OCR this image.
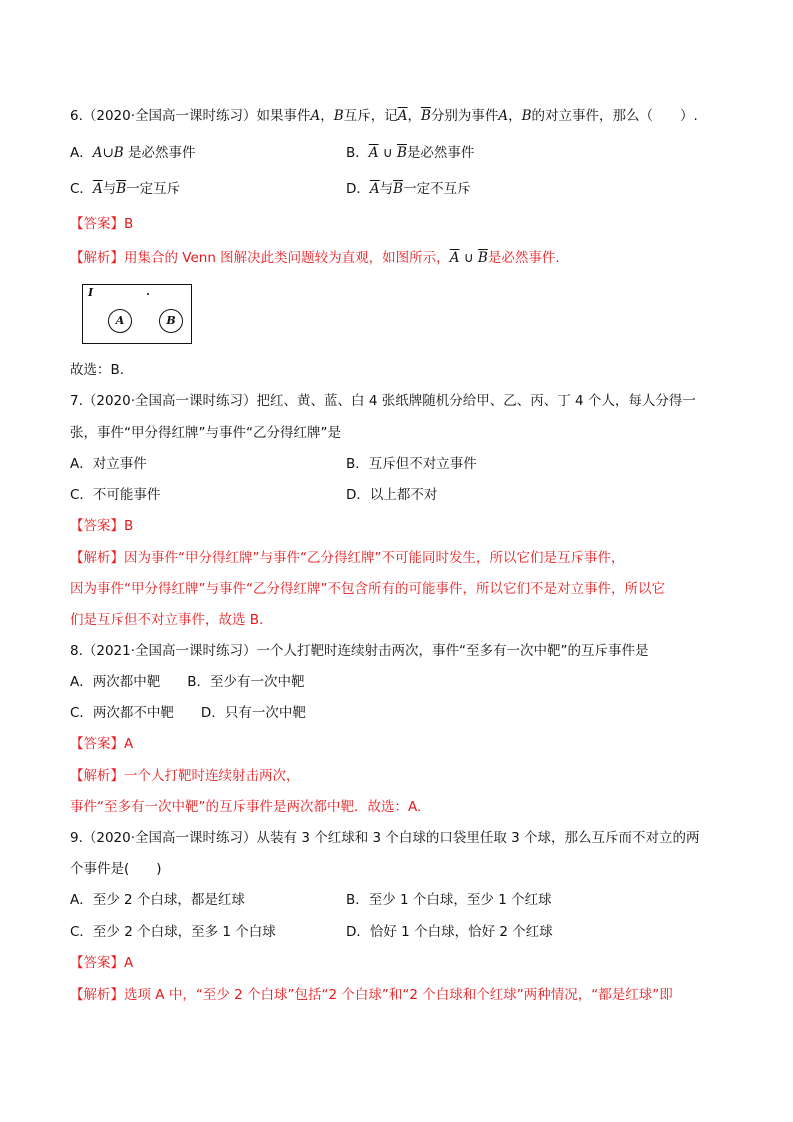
6.（2020·全国高一课时练习）如果事件A，B互斥，记$\overline{A}$，$\overline{B}$分别为事件A，B的对立事件，那么（　　）.
A．A∪B 是必然事件	B．$\overline{A}$ ∪ $\overline{B}$是必然事件
C．$\overline{A}$与$\overline{B}$一定互斥	D．$\overline{A}$与$\overline{B}$一定不互斥
【答案】B
【解析】用集合的 Venn 图解决此类问题较为直观，如图所示，$\overline{A}$ ∪ $\overline{B}$是必然事件.
I
A	B
故选：B.
7.（2020·全国高一课时练习）把红、黄、蓝、白 4 张纸牌随机分给甲、乙、丙、丁 4 个人，每人分得一
张，事件“甲分得红牌”与事件“乙分得红牌”是
A．对立事件	B．互斥但不对立事件
C．不可能事件	D．以上都不对
【答案】B
【解析】因为事件“甲分得红牌”与事件“乙分得红牌”不可能同时发生，所以它们是互斥事件，
因为事件“甲分得红牌”与事件“乙分得红牌”不包含所有的可能事件，所以它们不是对立事件，所以它
们是互斥但不对立事件，故选 B.
8.（2021·全国高一课时练习）一个人打靶时连续射击两次，事件“至多有一次中靶”的互斥事件是
A．两次都中靶　　B．至少有一次中靶
C．两次都不中靶　　D．只有一次中靶
【答案】A
【解析】一个人打靶时连续射击两次，
事件“至多有一次中靶”的互斥事件是两次都中靶．故选：A.
9.（2020·全国高一课时练习）从装有 3 个红球和 3 个白球的口袋里任取 3 个球，那么互斥而不对立的两
个事件是(　　)
A．至少 2 个白球，都是红球	B．至少 1 个白球，至少 1 个红球
C．至少 2 个白球，至多 1 个白球	D．恰好 1 个白球，恰好 2 个红球
【答案】A
【解析】选项 A 中，“至少 2 个白球”包括“2 个白球”和“2 个白球和个红球”两种情况，“都是红球”即
